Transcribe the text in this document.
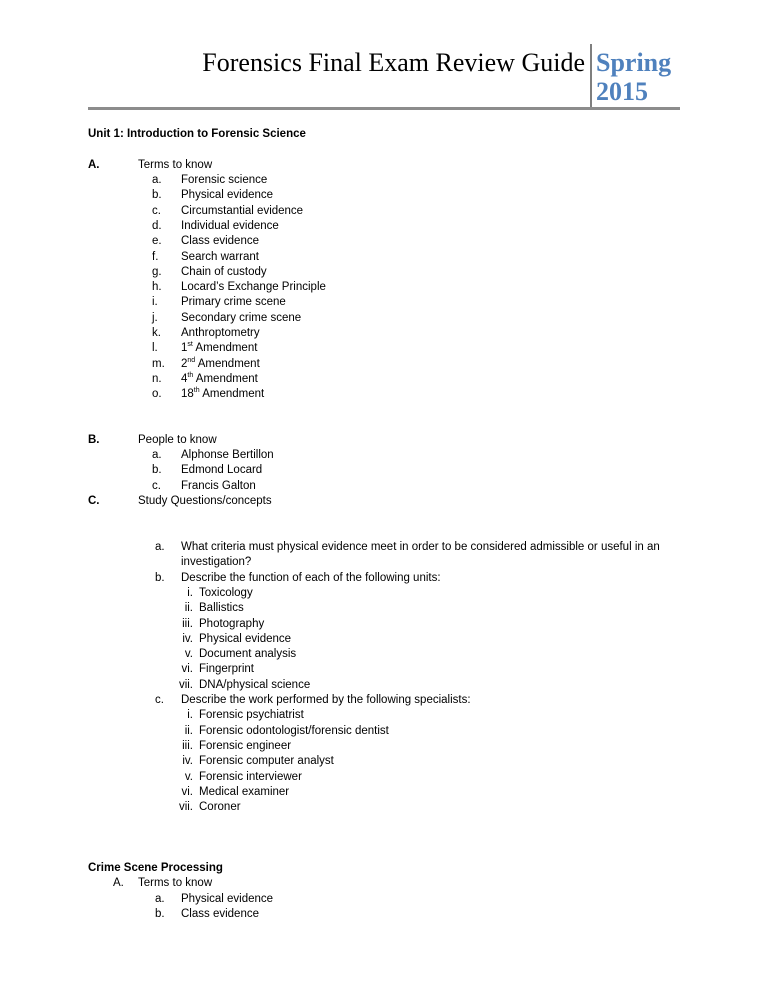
Forensics Final Exam Review Guide Spring
2015
Unit 1: Introduction to Forensic Science
A.	Terms to know
a. Forensic science
b. Physical evidence
c. Circumstantial evidence
d. Individual evidence
e. Class evidence
f. Search warrant
g. Chain of custody
h. Locard’s Exchange Principle
i. Primary crime scene
j. Secondary crime scene
k. Anthroptometry
l. 1st Amendment
m. 2nd Amendment
n. 4th Amendment
o. 18th Amendment
B.	People to know
a. Alphonse Bertillon
b. Edmond Locard
c. Francis Galton
C.	Study Questions/concepts
a. What criteria must physical evidence meet in order to be considered admissible or useful in an
investigation?
b. Describe the function of each of the following units:
i. Toxicology
ii. Ballistics
iii. Photography
iv. Physical evidence
v. Document analysis
vi. Fingerprint
vii. DNA/physical science
c. Describe the work performed by the following specialists:
i. Forensic psychiatrist
ii. Forensic odontologist/forensic dentist
iii. Forensic engineer
iv. Forensic computer analyst
v. Forensic interviewer
vi. Medical examiner
vii. Coroner
Crime Scene Processing
A. Terms to know
a. Physical evidence
b. Class evidence
